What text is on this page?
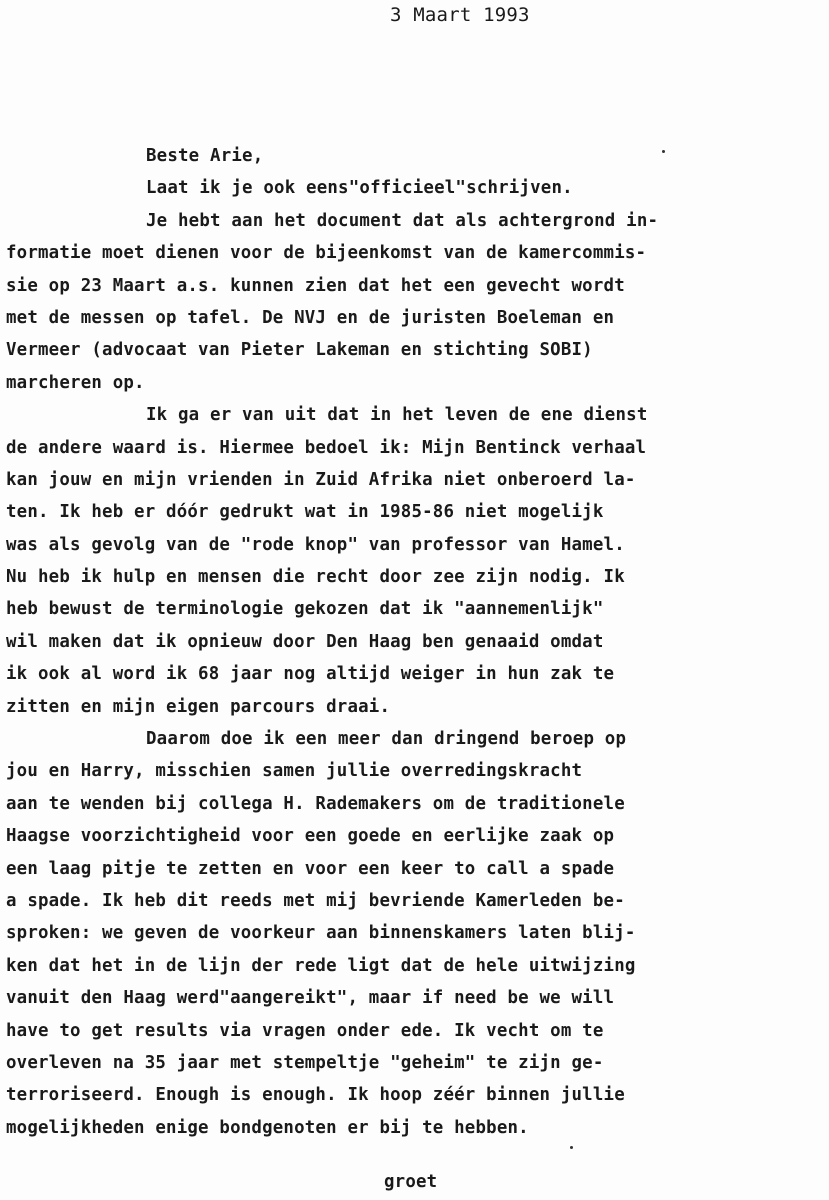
3 Maart 1993
Beste Arie,
Laat ik je ook eens"officieel"schrijven.
Je hebt aan het document dat als achtergrond in-
formatie moet dienen voor de bijeenkomst van de kamercommis-
sie op 23 Maart a.s. kunnen zien dat het een gevecht wordt
met de messen op tafel. De NVJ en de juristen Boeleman en
Vermeer (advocaat van Pieter Lakeman en stichting SOBI)
marcheren op.
Ik ga er van uit dat in het leven de ene dienst
de andere waard is. Hiermee bedoel ik: Mijn Bentinck verhaal
kan jouw en mijn vrienden in Zuid Afrika niet onberoerd la-
ten. Ik heb er dóór gedrukt wat in 1985-86 niet mogelijk
was als gevolg van de "rode knop" van professor van Hamel.
Nu heb ik hulp en mensen die recht door zee zijn nodig. Ik
heb bewust de terminologie gekozen dat ik "aannemenlijk"
wil maken dat ik opnieuw door Den Haag ben genaaid omdat
ik ook al word ik 68 jaar nog altijd weiger in hun zak te
zitten en mijn eigen parcours draai.
Daarom doe ik een meer dan dringend beroep op
jou en Harry, misschien samen jullie overredingskracht
aan te wenden bij collega H. Rademakers om de traditionele
Haagse voorzichtigheid voor een goede en eerlijke zaak op
een laag pitje te zetten en voor een keer to call a spade
a spade. Ik heb dit reeds met mij bevriende Kamerleden be-
sproken: we geven de voorkeur aan binnenskamers laten blij-
ken dat het in de lijn der rede ligt dat de hele uitwijzing
vanuit den Haag werd"aangereikt", maar if need be we will
have to get results via vragen onder ede. Ik vecht om te
overleven na 35 jaar met stempeltje "geheim" te zijn ge-
terroriseerd. Enough is enough. Ik hoop zéér binnen jullie
mogelijkheden enige bondgenoten er bij te hebben.
groet
